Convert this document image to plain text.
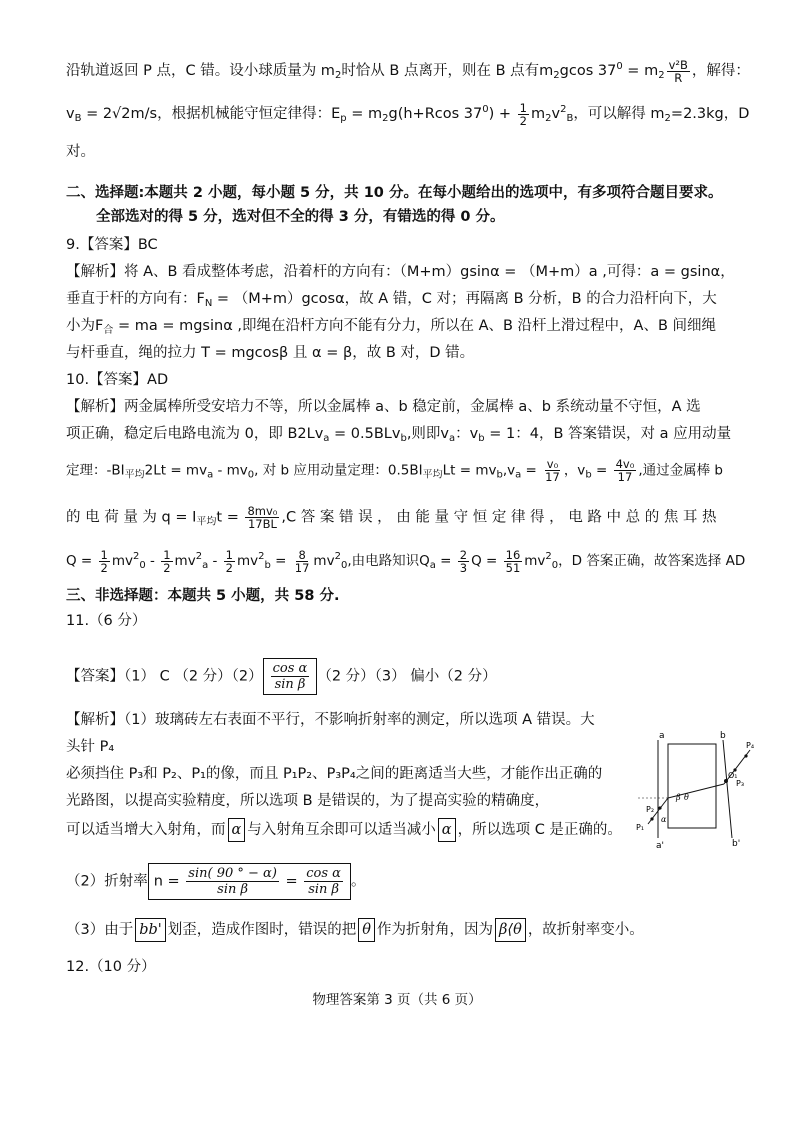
沿轨道返回 P 点，C 错。设小球质量为 $m_2$时恰从 B 点离开，则在 B 点有$m_2gcos$ $37^0 = m_2 \frac{\text{v²B}}{R}$ ，解得：
$v_B = 2√2m/s$，根据机械能守恒定律得：$E_p = m_2g(h+Rcos$ $37^0) + \frac{1}{2} m_2v^2_B$，可以解得 $m_2=2.3kg$，D
对。
二、选择题:本题共 2 小题，每小题 5 分，共 10 分。在每小题给出的选项中，有多项符合题目要求。
全部选对的得 5 分，选对但不全的得 3 分，有错选的得 0 分。
9.【答案】BC
【解析】将 A、B 看成整体考虑，沿着杆的方向有：（M+m）gsinα = （M+m）a ,可得：a = gsinα，
垂直于杆的方向有：$F_N = (M+m)gcos\alpha$，故 A 错，C 对；再隔离 B 分析，B 的合力沿杆向下，大
小为$F_合$ = ma = mgsinα ,即绳在沿杆方向不能有分力，所以在 A、B 沿杆上滑过程中，A、B 间细绳
与杆垂直，绳的拉力 T = mgcosβ 且 α = β，故 B 对，D 错。
10.【答案】AD
【解析】两金属棒所受安培力不等，所以金属棒 a、b 稳定前，金属棒 a、b 系统动量不守恒，A 选
项正确，稳定后电路电流为 0，即 $B2Lv_a = 0.5BLv_b$,则即$v_a$：$v_b = 1$：4，B 答案错误，对 a 应用动量
定理：$-BI_{平均}2Lt = mv_a - mv_0$, 对 b 应用动量定理：$0.5BI_{平均}Lt = mv_b,v_a = \frac{\text{v₀}}{17}$ ，$v_b = \frac{\text{4v₀}}{17}$ ,通过金属棒 b
的 电 荷 量 为 $q = I_{平均}t = \frac{\text{8mv₀}}{17BL} ,C$ 答 案 错 误 ， 由 能 量 守 恒 定 律 得 ， 电 路 中 总 的 焦 耳 热
$Q = \frac{1}{2} mv^2_0 - \frac{1}{2} mv^2_a - \frac{1}{2} mv^2_b = \frac{8}{17} mv^2_0$,由电路知识$Q_a = \frac{2}{3}$ $Q = \frac{16}{51} mv^2_0$，D 答案正确，故答案选择 AD
三、非选择题：本题共 5 小题，共 58 分.
11.（6 分）
【答案】（1） C （2 分）$(2) \frac{\text{cos α}}{\text{sin β}} (2$ 分）（3） 偏小（2 分）
【解析】（1）玻璃砖左右表面不平行，不影响折射率的测定，所以选项 A 错误。大
头针 P₄
必须挡住 P₃和 P₂、P₁的像，而且 P₁P₂、P₃P₄之间的距离适当大些，才能作出正确的
光路图，以提高实验精度，所以选项 B 是错误的，为了提高实验的精确度，
可以适当增大入射角，而 α 与入射角互余即可以适当减小 α ，所以选项 C 是正确的。
（2）折射率 $n = \frac{\sin( 90 ^\circ - \alpha)}{\text{sin β}} = \frac{\text{cos α}}{\text{sin β}}$ 。
（3）由于 bb' 划歪，造成作图时，错误的把 θ 作为折射角，因为 β⟨θ ，故折射率变小。
12.（10 分）
物理答案第 3 页（共 6 页）
a
a'
b
b'
P₁
P₂
O₁
P₃
P₄
α
β θ
